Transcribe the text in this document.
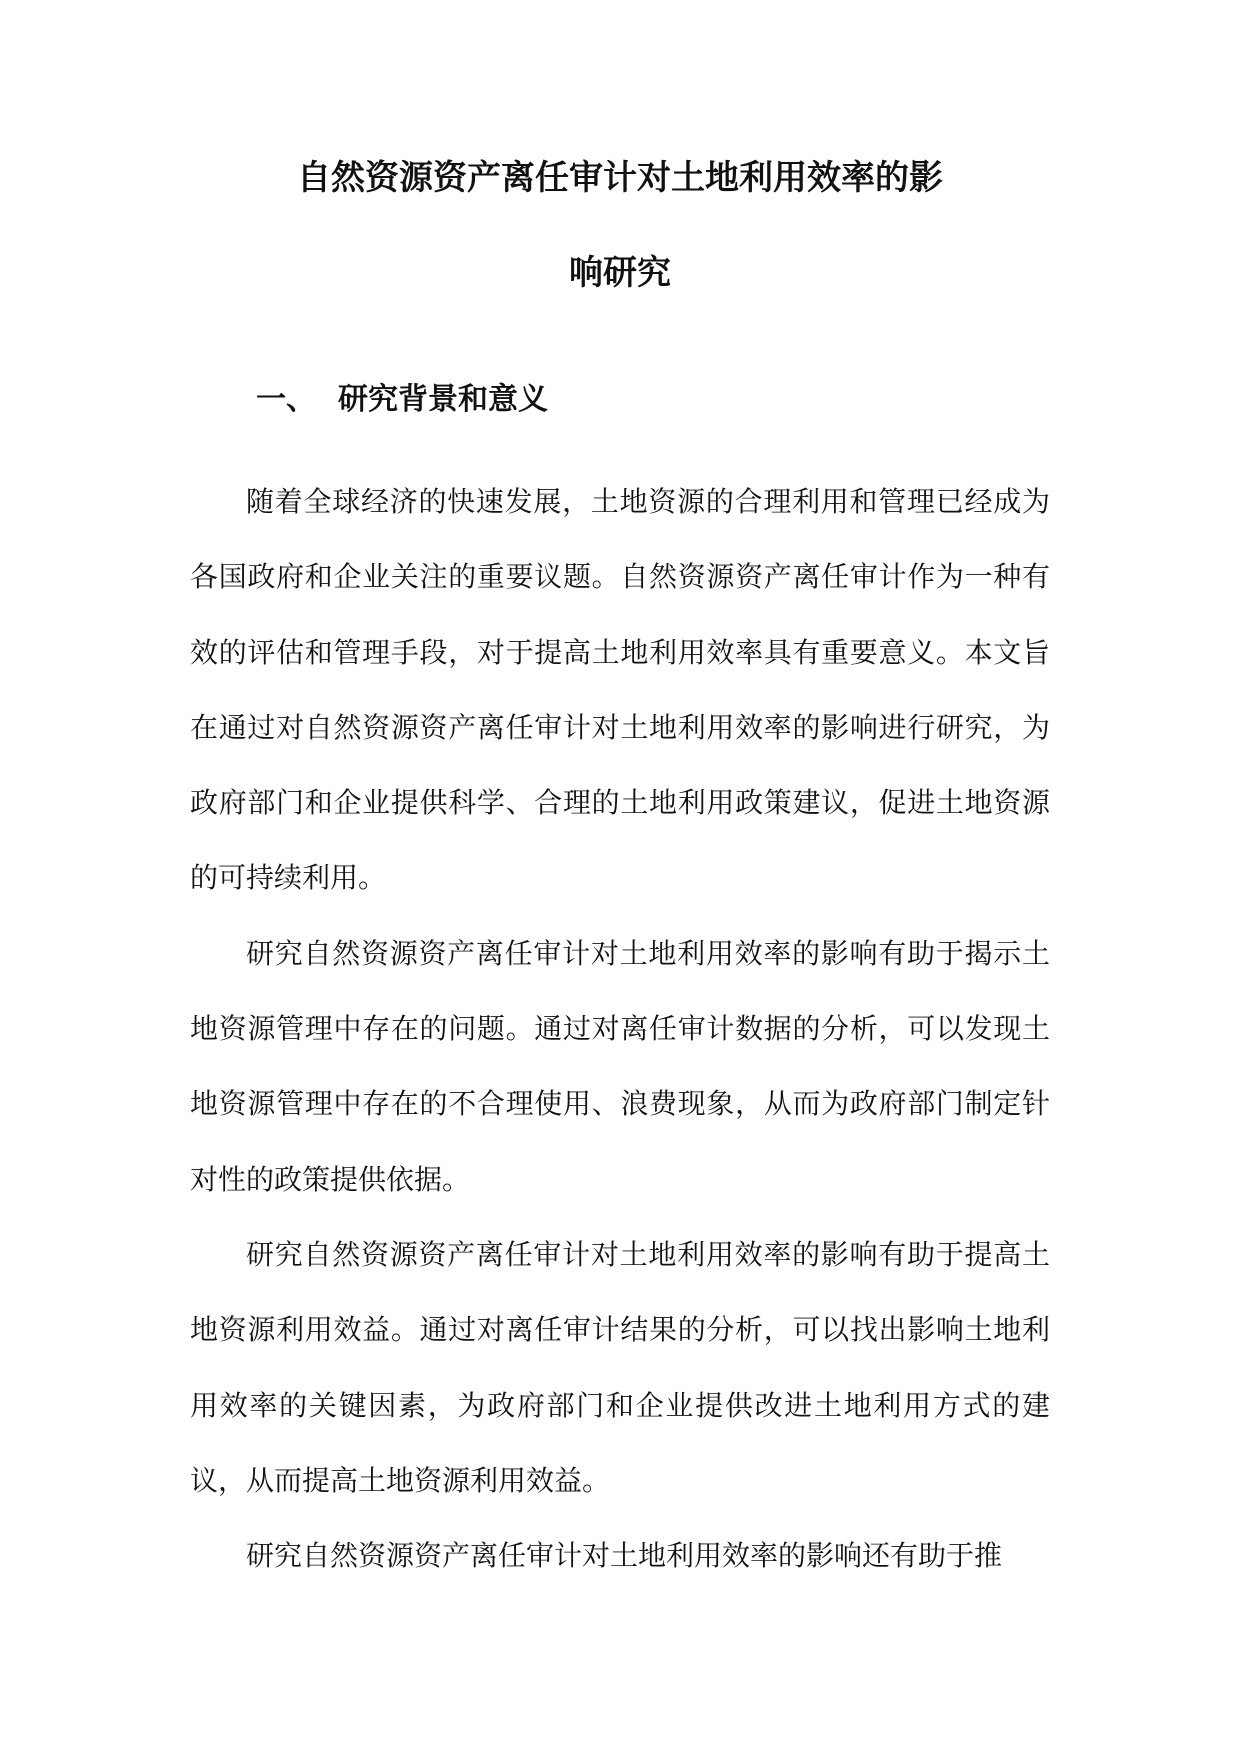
自然资源资产离任审计对土地利用效率的影
响研究
一、 研究背景和意义

随着全球经济的快速发展，土地资源的合理利用和管理已经成为各国政府和企业关注的重要议题。自然资源资产离任审计作为一种有效的评估和管理手段，对于提高土地利用效率具有重要意义。本文旨在通过对自然资源资产离任审计对土地利用效率的影响进行研究，为政府部门和企业提供科学、合理的土地利用政策建议，促进土地资源的可持续利用。

研究自然资源资产离任审计对土地利用效率的影响有助于揭示土地资源管理中存在的问题。通过对离任审计数据的分析，可以发现土地资源管理中存在的不合理使用、浪费现象，从而为政府部门制定针对性的政策提供依据。

研究自然资源资产离任审计对土地利用效率的影响有助于提高土地资源利用效益。通过对离任审计结果的分析，可以找出影响土地利用效率的关键因素，为政府部门和企业提供改进土地利用方式的建议，从而提高土地资源利用效益。

研究自然资源资产离任审计对土地利用效率的影响还有助于推
